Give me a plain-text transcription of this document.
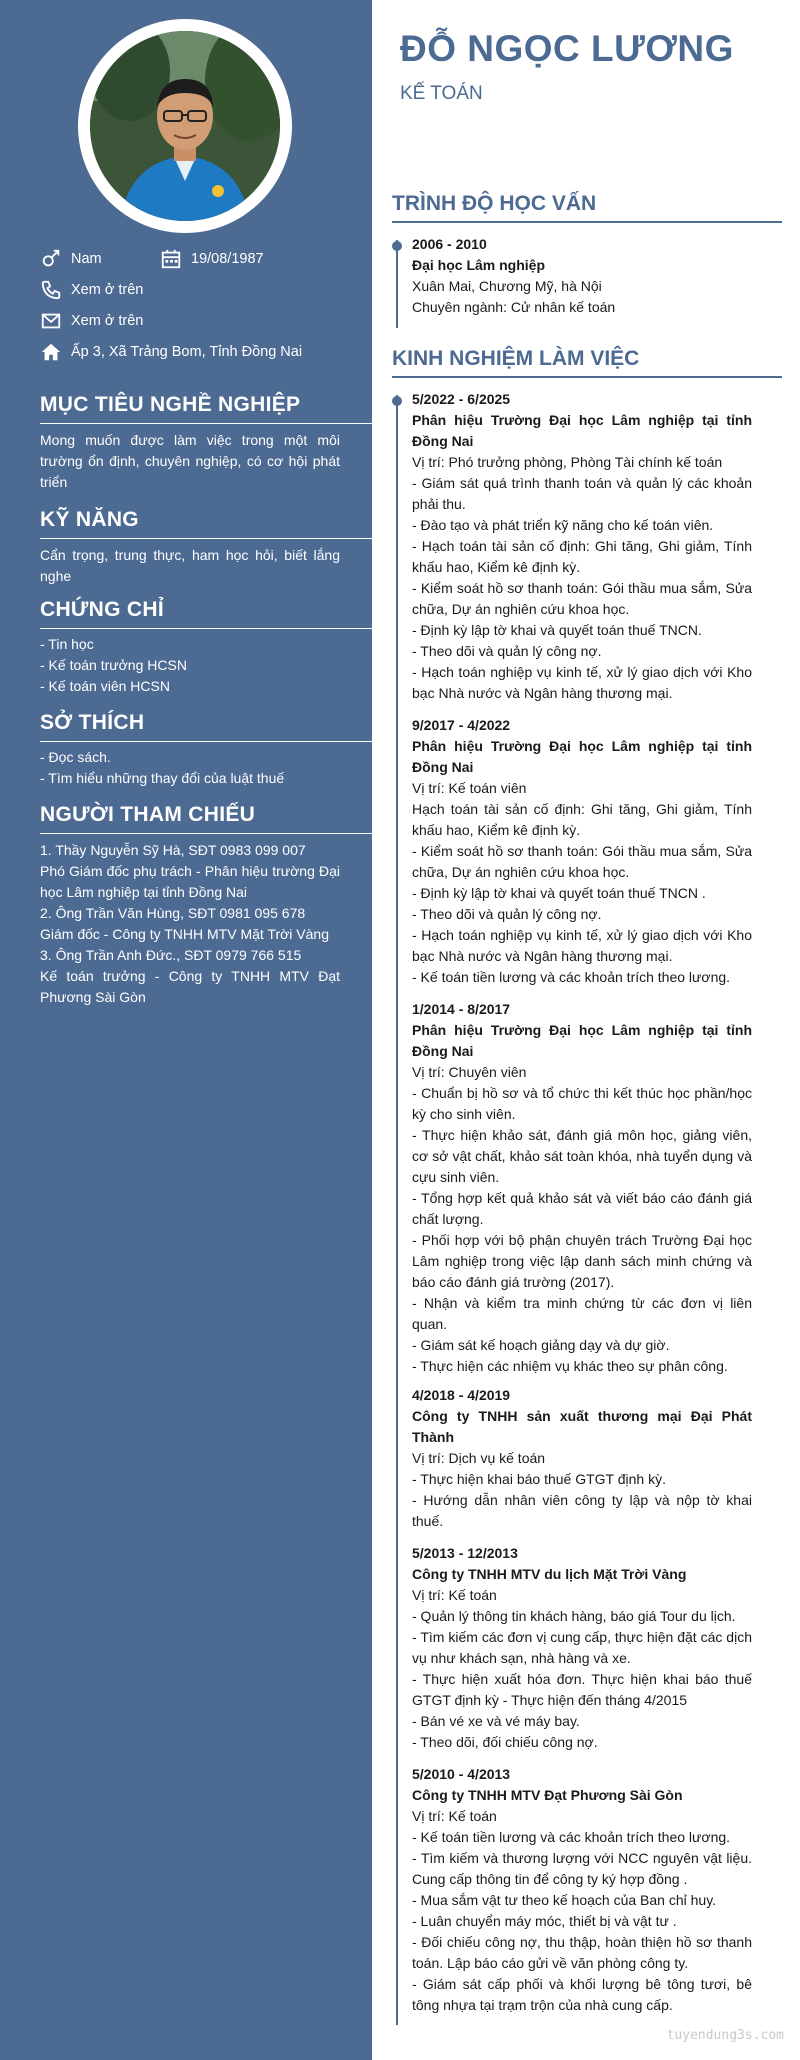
Nam	19/08/1987
Xem ở trên
Xem ở trên
Ấp 3, Xã Trảng Bom, Tỉnh Đồng Nai
MỤC TIÊU NGHỀ NGHIỆP
Mong muốn được làm việc trong một môi trường ổn định, chuyên nghiệp, có cơ hội phát triển
KỸ NĂNG
Cẩn trọng, trung thực, ham học hỏi, biết lắng nghe
CHỨNG CHỈ
- Tin học
- Kế toán trưởng HCSN
- Kế toán viên HCSN
SỞ THÍCH
- Đọc sách.
- Tìm hiểu những thay đổi của luật thuế
NGƯỜI THAM CHIẾU
1. Thầy Nguyễn Sỹ Hà, SĐT 0983 099 007
Phó Giám đốc phụ trách - Phân hiệu trường Đại học Lâm nghiệp tại tỉnh Đồng Nai
2. Ông Trần Văn Hùng, SĐT 0981 095 678
Giám đốc - Công ty TNHH MTV Mặt Trời Vàng
3. Ông Trần Anh Đức., SĐT 0979 766 515
Kế toán trưởng - Công ty TNHH MTV Đạt Phương Sài Gòn
ĐỖ NGỌC LƯƠNG
KẾ TOÁN
TRÌNH ĐỘ HỌC VẤN

2006 - 2010

Đại học Lâm nghiệp

Xuân Mai, Chương Mỹ, hà Nội

Chuyên ngành: Cử nhân kế toán

KINH NGHIỆM LÀM VIỆC

5/2022 - 6/2025

Phân hiệu Trường Đại học Lâm nghiệp tại tỉnh Đồng Nai

Vị trí: Phó trưởng phòng, Phòng Tài chính kế toán

- Giám sát quá trình thanh toán và quản lý các khoản phải thu.

- Đào tạo và phát triển kỹ năng cho kế toán viên.

- Hạch toán tài sản cố định: Ghi tăng, Ghi giảm, Tính khấu hao, Kiểm kê định kỳ.

- Kiểm soát hồ sơ thanh toán: Gói thầu mua sắm, Sửa chữa, Dự án nghiên cứu khoa học.

- Định kỳ lập tờ khai và quyết toán thuế TNCN.

- Theo dõi và quản lý công nợ.

- Hạch toán nghiệp vụ kinh tế, xử lý giao dịch với Kho bạc Nhà nước và Ngân hàng thương mại.

9/2017 - 4/2022

Phân hiệu Trường Đại học Lâm nghiệp tại tỉnh Đồng Nai

Vị trí: Kế toán viên

Hạch toán tài sản cố định: Ghi tăng, Ghi giảm, Tính khấu hao, Kiểm kê định kỳ.

- Kiểm soát hồ sơ thanh toán: Gói thầu mua sắm, Sửa chữa, Dự án nghiên cứu khoa học.

- Định kỳ lập tờ khai và quyết toán thuế TNCN .

- Theo dõi và quản lý công nợ.

- Hạch toán nghiệp vụ kinh tế, xử lý giao dịch với Kho bạc Nhà nước và Ngân hàng thương mại.

- Kế toán tiền lương và các khoản trích theo lương.

1/2014 - 8/2017

Phân hiệu Trường Đại học Lâm nghiệp tại tỉnh Đồng Nai

Vị trí: Chuyên viên

- Chuẩn bị hồ sơ và tổ chức thi kết thúc học phần/học kỳ cho sinh viên.

- Thực hiện khảo sát, đánh giá môn học, giảng viên, cơ sở vật chất, khảo sát toàn khóa, nhà tuyển dụng và cựu sinh viên.

- Tổng hợp kết quả khảo sát và viết báo cáo đánh giá chất lượng.

- Phối hợp với bộ phận chuyên trách Trường Đại học Lâm nghiệp trong việc lập danh sách minh chứng và báo cáo đánh giá trường (2017).

- Nhận và kiểm tra minh chứng từ các đơn vị liên quan.

- Giám sát kế hoạch giảng dạy và dự giờ.

- Thực hiện các nhiệm vụ khác theo sự phân công.

4/2018 - 4/2019

Công ty TNHH sản xuất thương mại Đại Phát Thành

Vị trí: Dịch vụ kế toán

- Thực hiện khai báo thuế GTGT định kỳ.

- Hướng dẫn nhân viên công ty lập và nộp tờ khai thuế.

5/2013 - 12/2013

Công ty TNHH MTV du lịch Mặt Trời Vàng

Vị trí: Kế toán

- Quản lý thông tin khách hàng, báo giá Tour du lịch.

- Tìm kiếm các đơn vị cung cấp, thực hiện đặt các dịch vụ như khách sạn, nhà hàng và xe.

- Thực hiện xuất hóa đơn. Thực hiện khai báo thuế GTGT định kỳ - Thực hiện đến tháng 4/2015

- Bán vé xe và vé máy bay.

- Theo dõi, đối chiếu công nợ.

5/2010 - 4/2013

Công ty TNHH MTV Đạt Phương Sài Gòn

Vị trí: Kế toán

- Kế toán tiền lương và các khoản trích theo lương.

- Tìm kiếm và thương lượng với NCC nguyên vật liệu. Cung cấp thông tin để công ty ký hợp đồng .

- Mua sắm vật tư theo kế hoạch của Ban chỉ huy.

- Luân chuyển máy móc, thiết bị và vật tư .

- Đối chiếu công nợ, thu thập, hoàn thiện hồ sơ thanh toán. Lập báo cáo gửi về văn phòng công ty.

- Giám sát cấp phối và khối lượng bê tông tươi, bê tông nhựa tại trạm trộn của nhà cung cấp.

tuyendung3s.com
